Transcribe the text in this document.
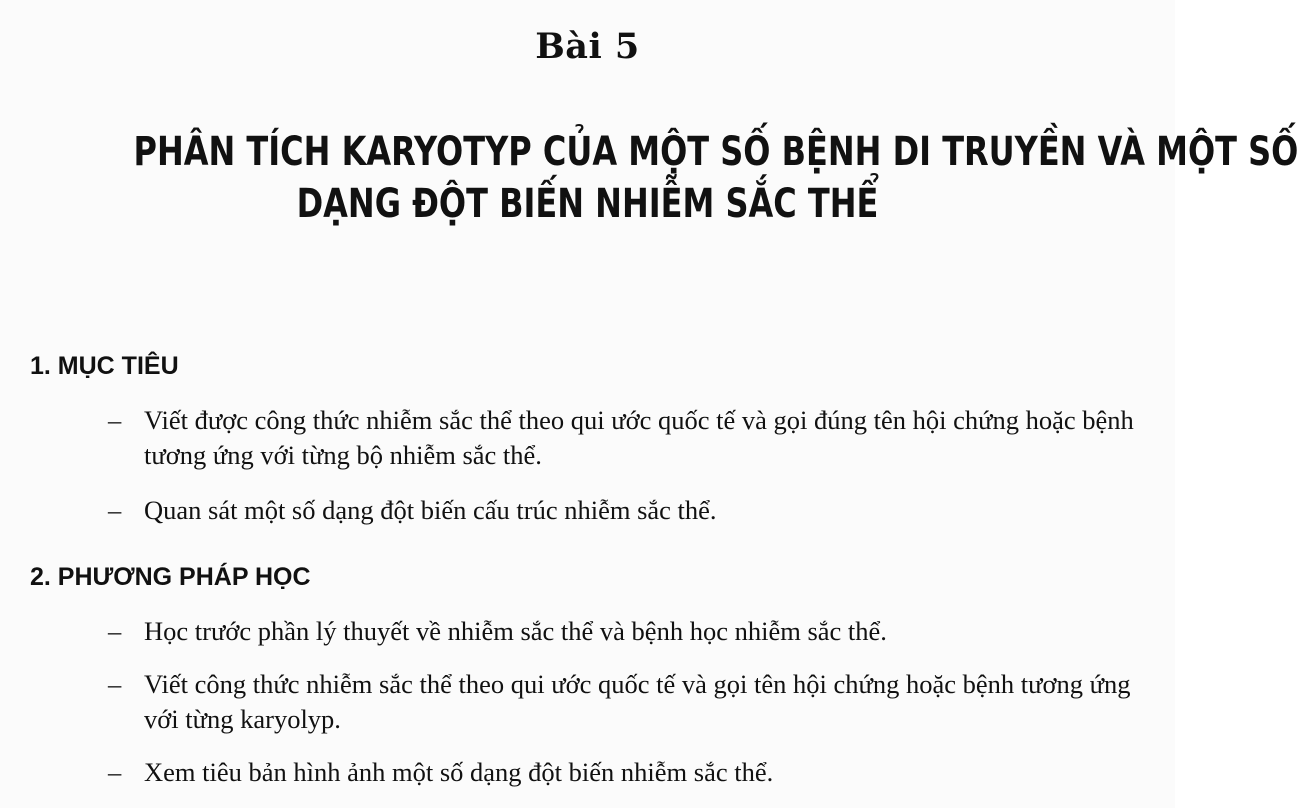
Bài 5
PHÂN TÍCH KARYOTYP CỦA MỘT SỐ BỆNH DI TRUYỀN VÀ MỘT SỐ
DẠNG ĐỘT BIẾN NHIỄM SẮC THỂ
1. MỤC TIÊU
– Viết được công thức nhiễm sắc thể theo qui ước quốc tế và gọi đúng tên hội chứng hoặc bệnh tương ứng với từng bộ nhiễm sắc thể.
– Quan sát một số dạng đột biến cấu trúc nhiễm sắc thể.
2. PHƯƠNG PHÁP HỌC
– Học trước phần lý thuyết về nhiễm sắc thể và bệnh học nhiễm sắc thể.
– Viết công thức nhiễm sắc thể theo qui ước quốc tế và gọi tên hội chứng hoặc bệnh tương ứng với từng karyolyp.
– Xem tiêu bản hình ảnh một số dạng đột biến nhiễm sắc thể.
